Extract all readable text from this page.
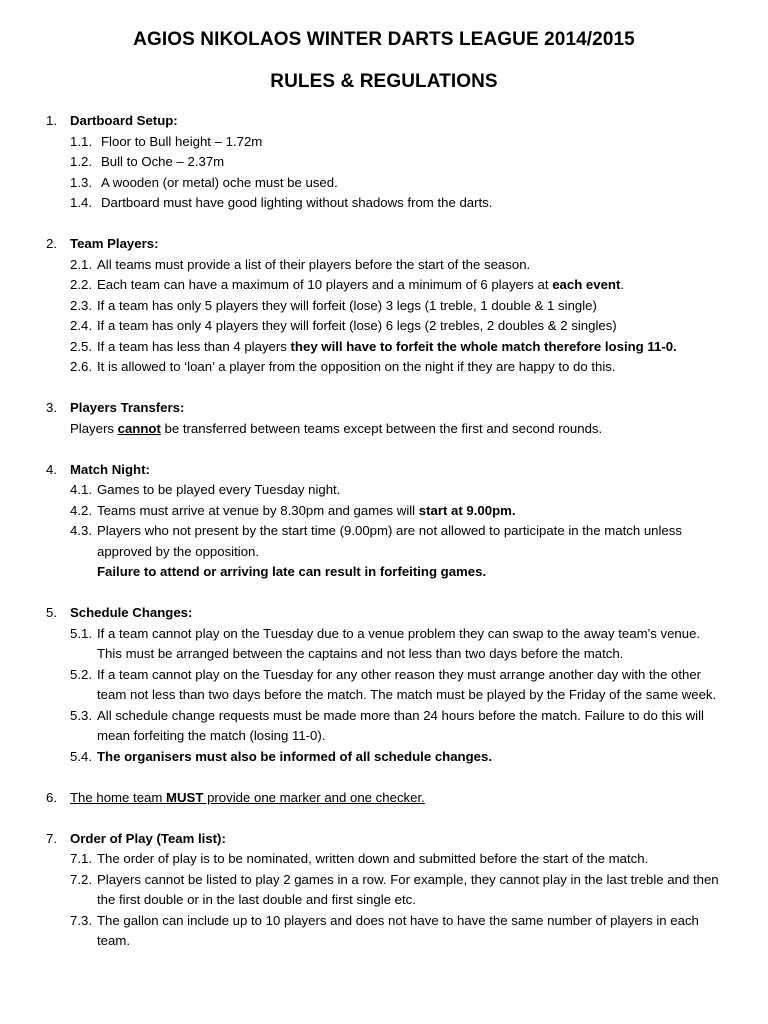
AGIOS NIKOLAOS WINTER DARTS LEAGUE 2014/2015
RULES & REGULATIONS
1. Dartboard Setup:
1.1. Floor to Bull height – 1.72m
1.2. Bull to Oche – 2.37m
1.3. A wooden (or metal) oche must be used.
1.4. Dartboard must have good lighting without shadows from the darts.
2. Team Players:
2.1. All teams must provide a list of their players before the start of the season.
2.2. Each team can have a maximum of 10 players and a minimum of 6 players at each event.
2.3. If a team has only 5 players they will forfeit (lose) 3 legs (1 treble, 1 double & 1 single)
2.4. If a team has only 4 players they will forfeit (lose) 6 legs (2 trebles, 2 doubles & 2 singles)
2.5. If a team has less than 4 players they will have to forfeit the whole match therefore losing 11-0.
2.6. It is allowed to ‘loan’ a player from the opposition on the night if they are happy to do this.
3. Players Transfers:
Players cannot be transferred between teams except between the first and second rounds.
4. Match Night:
4.1. Games to be played every Tuesday night.
4.2. Teams must arrive at venue by 8.30pm and games will start at 9.00pm.
4.3. Players who not present by the start time (9.00pm) are not allowed to participate in the match unless approved by the opposition.
Failure to attend or arriving late can result in forfeiting games.
5. Schedule Changes:
5.1. If a team cannot play on the Tuesday due to a venue problem they can swap to the away team’s venue. This must be arranged between the captains and not less than two days before the match.
5.2. If a team cannot play on the Tuesday for any other reason they must arrange another day with the other team not less than two days before the match. The match must be played by the Friday of the same week.
5.3. All schedule change requests must be made more than 24 hours before the match. Failure to do this will mean forfeiting the match (losing 11-0).
5.4. The organisers must also be informed of all schedule changes.
6. The home team MUST provide one marker and one checker.
7. Order of Play (Team list):
7.1. The order of play is to be nominated, written down and submitted before the start of the match.
7.2. Players cannot be listed to play 2 games in a row. For example, they cannot play in the last treble and then the first double or in the last double and first single etc.
7.3. The gallon can include up to 10 players and does not have to have the same number of players in each team.
